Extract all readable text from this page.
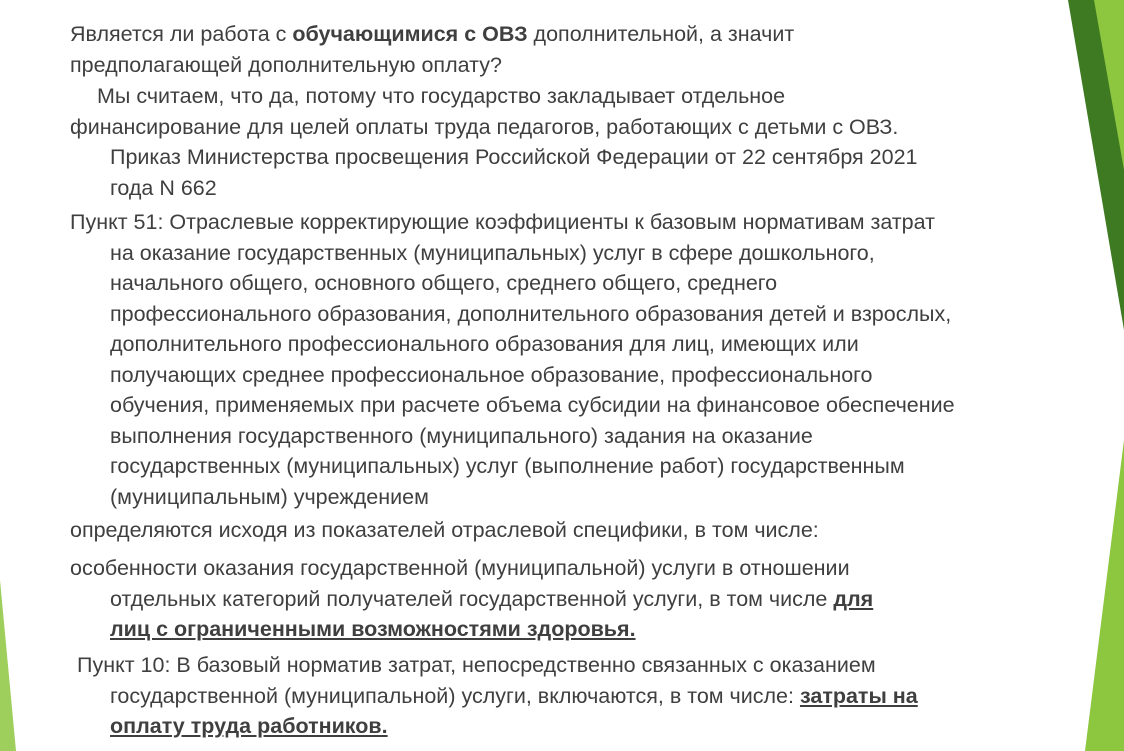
Является ли работа с обучающимися с ОВЗ дополнительной, а значит
предполагающей дополнительную оплату?
Мы считаем, что да, потому что государство закладывает отдельное
финансирование для целей оплаты труда педагогов, работающих с детьми с ОВЗ.
Приказ Министерства просвещения Российской Федерации от 22 сентября 2021
года N 662
Пункт 51: Отраслевые корректирующие коэффициенты к базовым нормативам затрат
на оказание государственных (муниципальных) услуг в сфере дошкольного,
начального общего, основного общего, среднего общего, среднего
профессионального образования, дополнительного образования детей и взрослых,
дополнительного профессионального образования для лиц, имеющих или
получающих среднее профессиональное образование, профессионального
обучения, применяемых при расчете объема субсидии на финансовое обеспечение
выполнения государственного (муниципального) задания на оказание
государственных (муниципальных) услуг (выполнение работ) государственным
(муниципальным) учреждением
определяются исходя из показателей отраслевой специфики, в том числе:
особенности оказания государственной (муниципальной) услуги в отношении
отдельных категорий получателей государственной услуги, в том числе для
лиц с ограниченными возможностями здоровья.
Пункт 10: В базовый норматив затрат, непосредственно связанных с оказанием
государственной (муниципальной) услуги, включаются, в том числе: затраты на
оплату труда работников.
